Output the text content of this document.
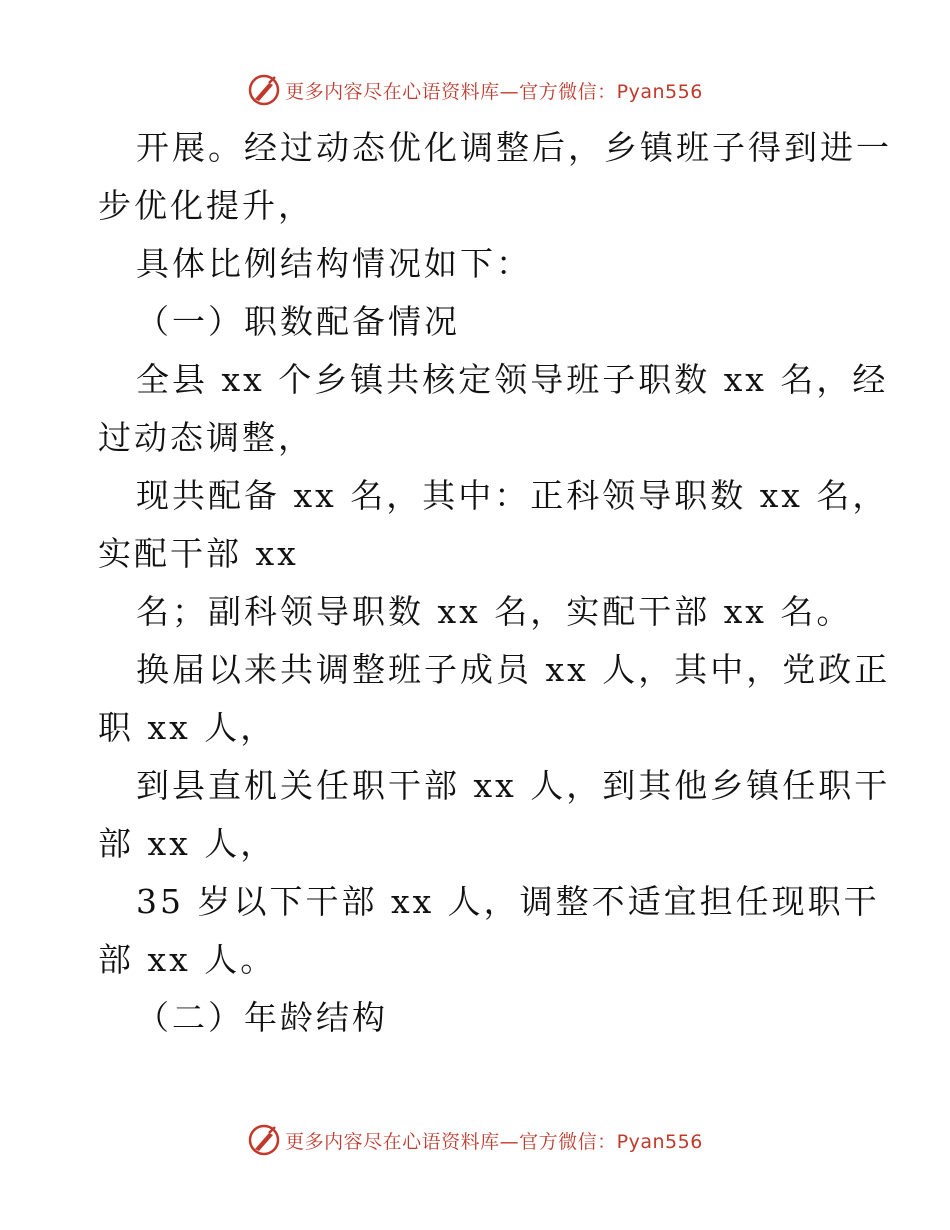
更多内容尽在心语资料库—官方微信：Pyan556
开展。经过动态优化调整后，乡镇班子得到进一
步优化提升，
具体比例结构情况如下：
（一）职数配备情况
全县 xx 个乡镇共核定领导班子职数 xx 名，经
过动态调整，
现共配备 xx 名，其中：正科领导职数 xx 名，
实配干部 xx
名；副科领导职数 xx 名，实配干部 xx 名。
换届以来共调整班子成员 xx 人，其中，党政正
职 xx 人，
到县直机关任职干部 xx 人，到其他乡镇任职干
部 xx 人，
35 岁以下干部 xx 人，调整不适宜担任现职干
部 xx 人。
（二）年龄结构
更多内容尽在心语资料库—官方微信：Pyan556
